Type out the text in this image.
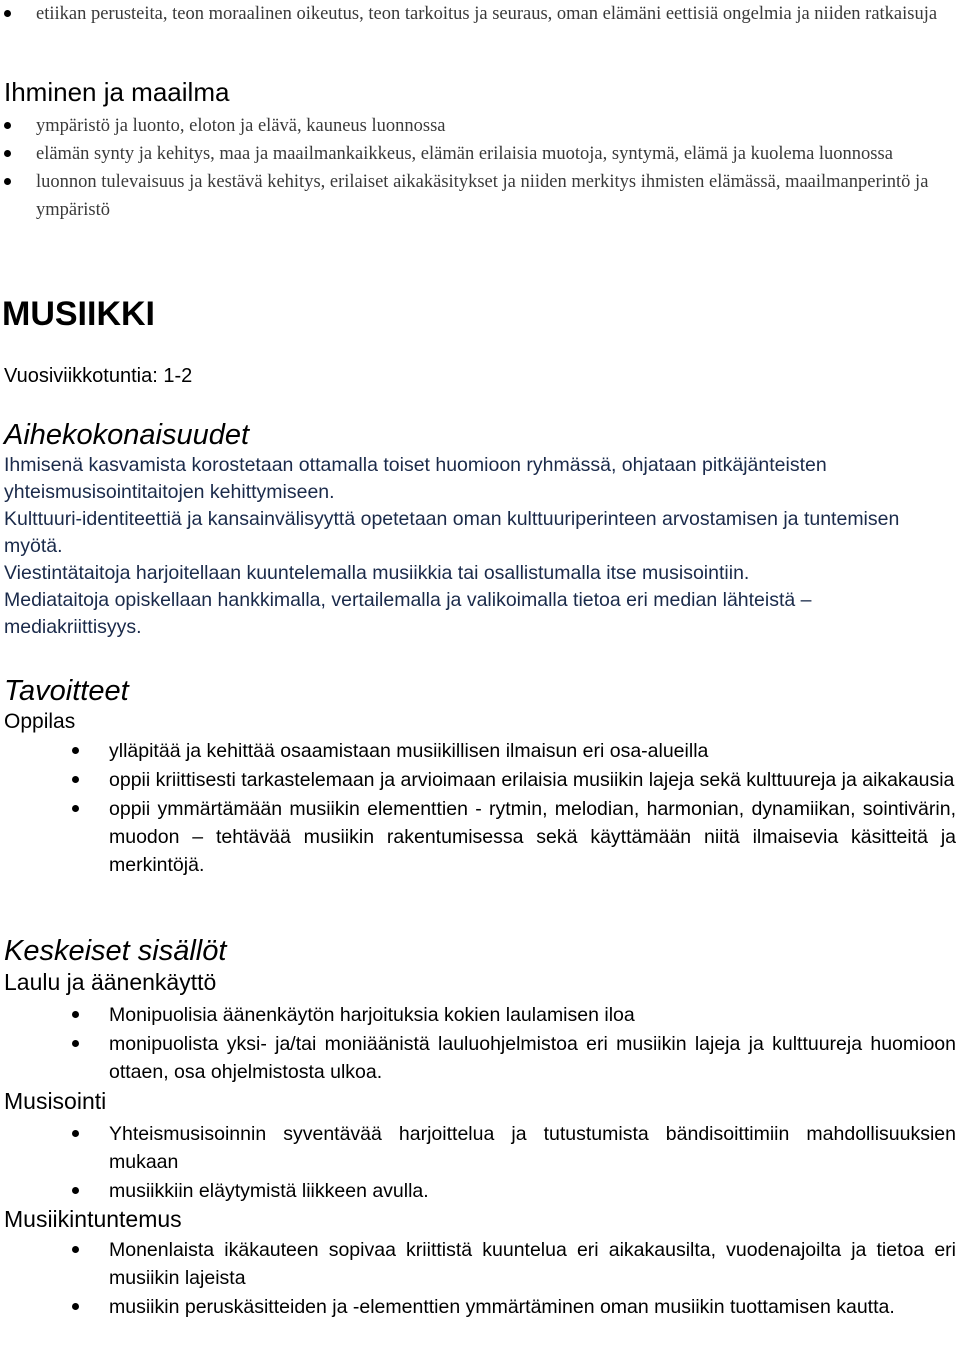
etiikan perusteita, teon moraalinen oikeutus, teon tarkoitus ja seuraus, oman elämäni eettisiä ongelmia ja niiden ratkaisuja
Ihminen ja maailma
ympäristö ja luonto, eloton ja elävä, kauneus luonnossa
elämän synty ja kehitys, maa ja maailmankaikkeus, elämän erilaisia muotoja, syntymä, elämä ja kuolema luonnossa
luonnon tulevaisuus ja kestävä kehitys, erilaiset aikakäsitykset ja niiden merkitys ihmisten elämässä, maailmanperintö ja ympäristö
MUSIIKKI
Vuosiviikkotuntia: 1-2
Aihekokonaisuudet
Ihmisenä kasvamista korostetaan ottamalla toiset huomioon ryhmässä, ohjataan pitkäjänteisten yhteismusisointitaitojen kehittymiseen.
Kulttuuri-identiteettiä ja kansainvälisyyttä opetetaan oman kulttuuriperinteen arvostamisen ja tuntemisen myötä.
Viestintätaitoja harjoitellaan kuuntelemalla musiikkia tai osallistumalla itse musisointiin.
Mediataitoja opiskellaan hankkimalla, vertailemalla ja valikoimalla tietoa eri median lähteistä – mediakriittisyys.
Tavoitteet
Oppilas
ylläpitää ja kehittää osaamistaan musiikillisen ilmaisun eri osa-alueilla
oppii kriittisesti tarkastelemaan ja arvioimaan erilaisia musiikin lajeja sekä kulttuureja ja aikakausia
oppii ymmärtämään musiikin elementtien - rytmin, melodian, harmonian, dynamiikan, sointivärin, muodon – tehtävää musiikin rakentumisessa sekä käyttämään niitä ilmaisevia käsitteitä ja merkintöjä.
Keskeiset sisällöt
Laulu ja äänenkäyttö
Monipuolisia äänenkäytön harjoituksia kokien laulamisen iloa
monipuolista yksi- ja/tai moniäänistä lauluohjelmistoa eri musiikin lajeja ja kulttuureja huomioon ottaen, osa ohjelmistosta ulkoa.
Musisointi
Yhteismusisoinnin syventävää harjoittelua ja tutustumista bändisoittimiin mahdollisuuksien mukaan
musiikkiin eläytymistä liikkeen avulla.
Musiikintuntemus
Monenlaista ikäkauteen sopivaa kriittistä kuuntelua eri aikakausilta, vuodenajoilta ja tietoa eri musiikin lajeista
musiikin peruskäsitteiden ja -elementtien ymmärtäminen oman musiikin tuottamisen kautta.
